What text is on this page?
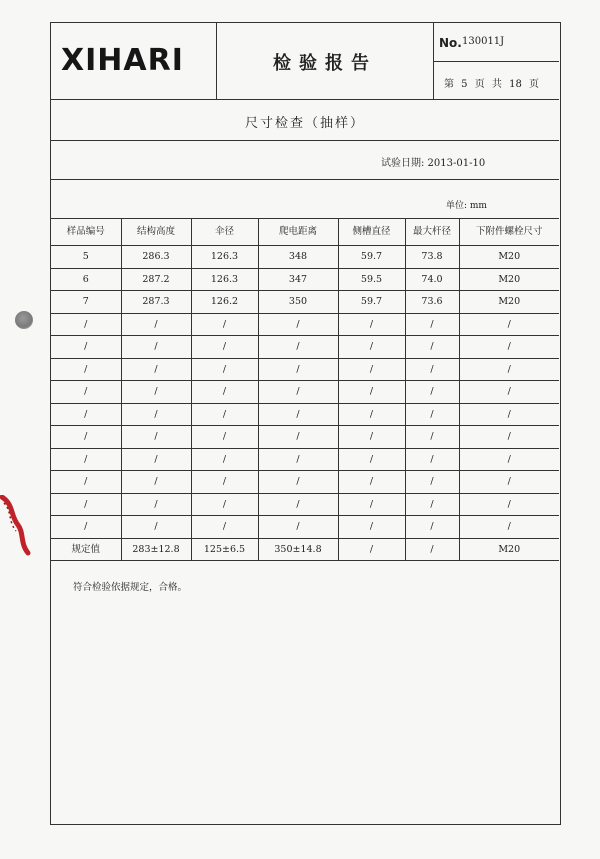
XIHARI	检验报告
No. 130011J
第 5 页 共 18 页
尺寸检查（抽样）
试验日期: 2013-01-10
单位: mm
样品编号	结构高度	伞径	爬电距离	侧槽直径	最大杆径	下附件螺栓尺寸
5	286.3	126.3	348	59.7	73.8	M20
6	287.2	126.3	347	59.5	74.0	M20
7	287.3	126.2	350	59.7	73.6	M20
/	/	/	/	/	/	/
/	/	/	/	/	/	/
/	/	/	/	/	/	/
/	/	/	/	/	/	/
/	/	/	/	/	/	/
/	/	/	/	/	/	/
/	/	/	/	/	/	/
/	/	/	/	/	/	/
/	/	/	/	/	/	/
/	/	/	/	/	/	/
规定值	283±12.8	125±6.5	350±14.8	/	/	M20
符合检验依据规定，合格。
